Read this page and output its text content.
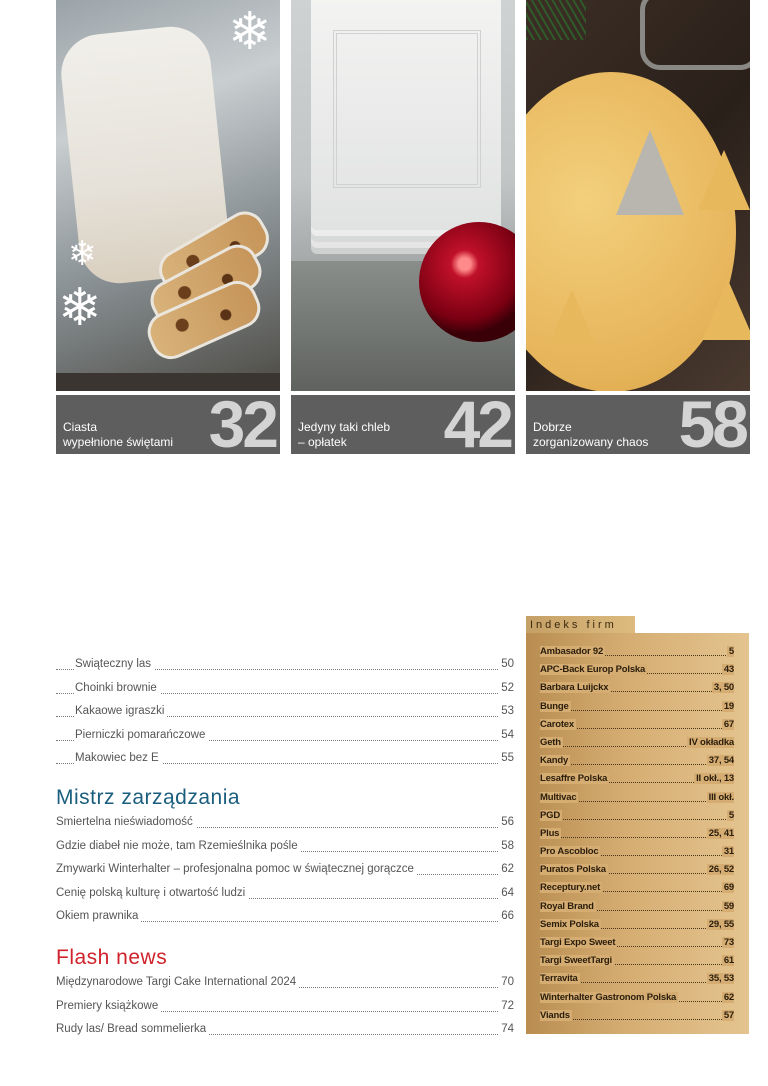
❄
❄
❄
Ciasta
wypełnione świętami 32 Jedyny taki chleb
– opłatek	42 Dobrze
zorganizowany chaos 58
Świąteczny las	50
Choinki brownie	52
Kakaowe igraszki	53
Pierniczki pomarańczowe	54
Makowiec bez E	55
Mistrz zarządzania
Śmiertelna nieświadomość	56
Gdzie diabeł nie może, tam Rzemieślnika pośle	58
Zmywarki Winterhalter – profesjonalna pomoc w świątecznej gorączce	62
Cenię polską kulturę i otwartość ludzi	64
Okiem prawnika	66
Flash news
Międzynarodowe Targi Cake International 2024	70
Premiery książkowe	72
Rudy las/ Bread sommelierka	74
Indeks firm
Ambasador 92	5
APC-Back Europ Polska	43
Barbara Luijckx	3, 50
Bunge	19
Carotex	67
Geth	IV okładka
Kandy	37, 54
Lesaffre Polska	II okł., 13
Multivac	III okł.
PGD	5
Plus	25, 41
Pro Ascobloc	31
Puratos Polska	26, 52
Receptury.net	69
Royal Brand	59
Semix Polska	29, 55
Targi Expo Sweet	73
Targi SweetTargi	61
Terravita	35, 53
Winterhalter Gastronom Polska	62
Viands	57
